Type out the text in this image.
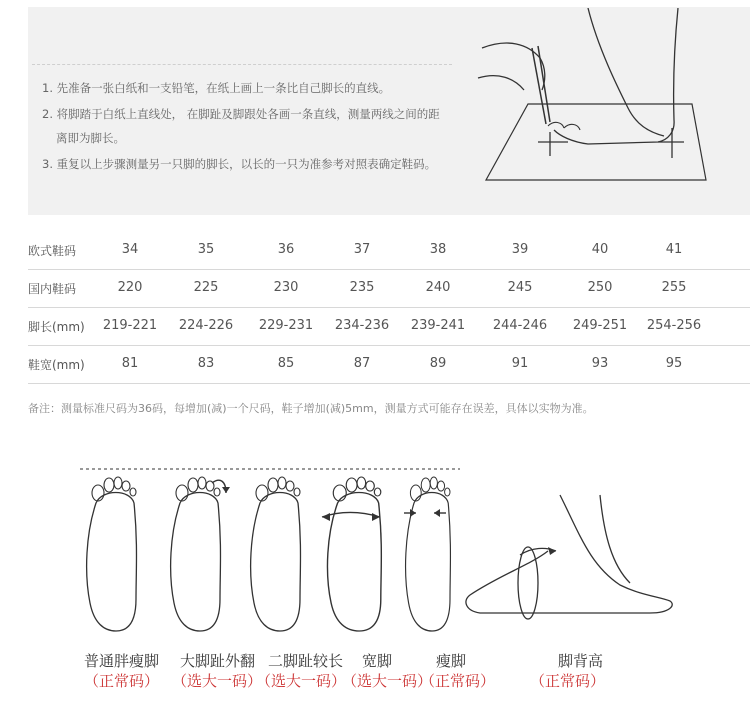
1. 先准备一张白纸和一支铅笔，在纸上画上一条比自己脚长的直线。
2. 将脚踏于白纸上直线处， 在脚趾及脚跟处各画一条直线，测量两线之间的距
离即为脚长。
3. 重复以上步骤测量另一只脚的脚长，以长的一只为准参考对照表确定鞋码。
欧式鞋码	34	35	36	37	38	39	40	41
国内鞋码	220	225	230	235	240	245	250	255
脚长(mm)	219-221	224-226	229-231	234-236	239-241	244-246	249-251	254-256
鞋宽(mm)	81	83	85	87	89	91	93	95
备注：测量标准尺码为36码，每增加(减)一个尺码，鞋子增加(减)5mm，测量方式可能存在误差，具体以实物为准。
普通胖瘦脚 大脚趾外翻 二脚趾较长 宽脚	瘦脚	脚背高
（正常码） （选大一码）
（选大一码）
（选大一码）
（正常码） （正常码）
